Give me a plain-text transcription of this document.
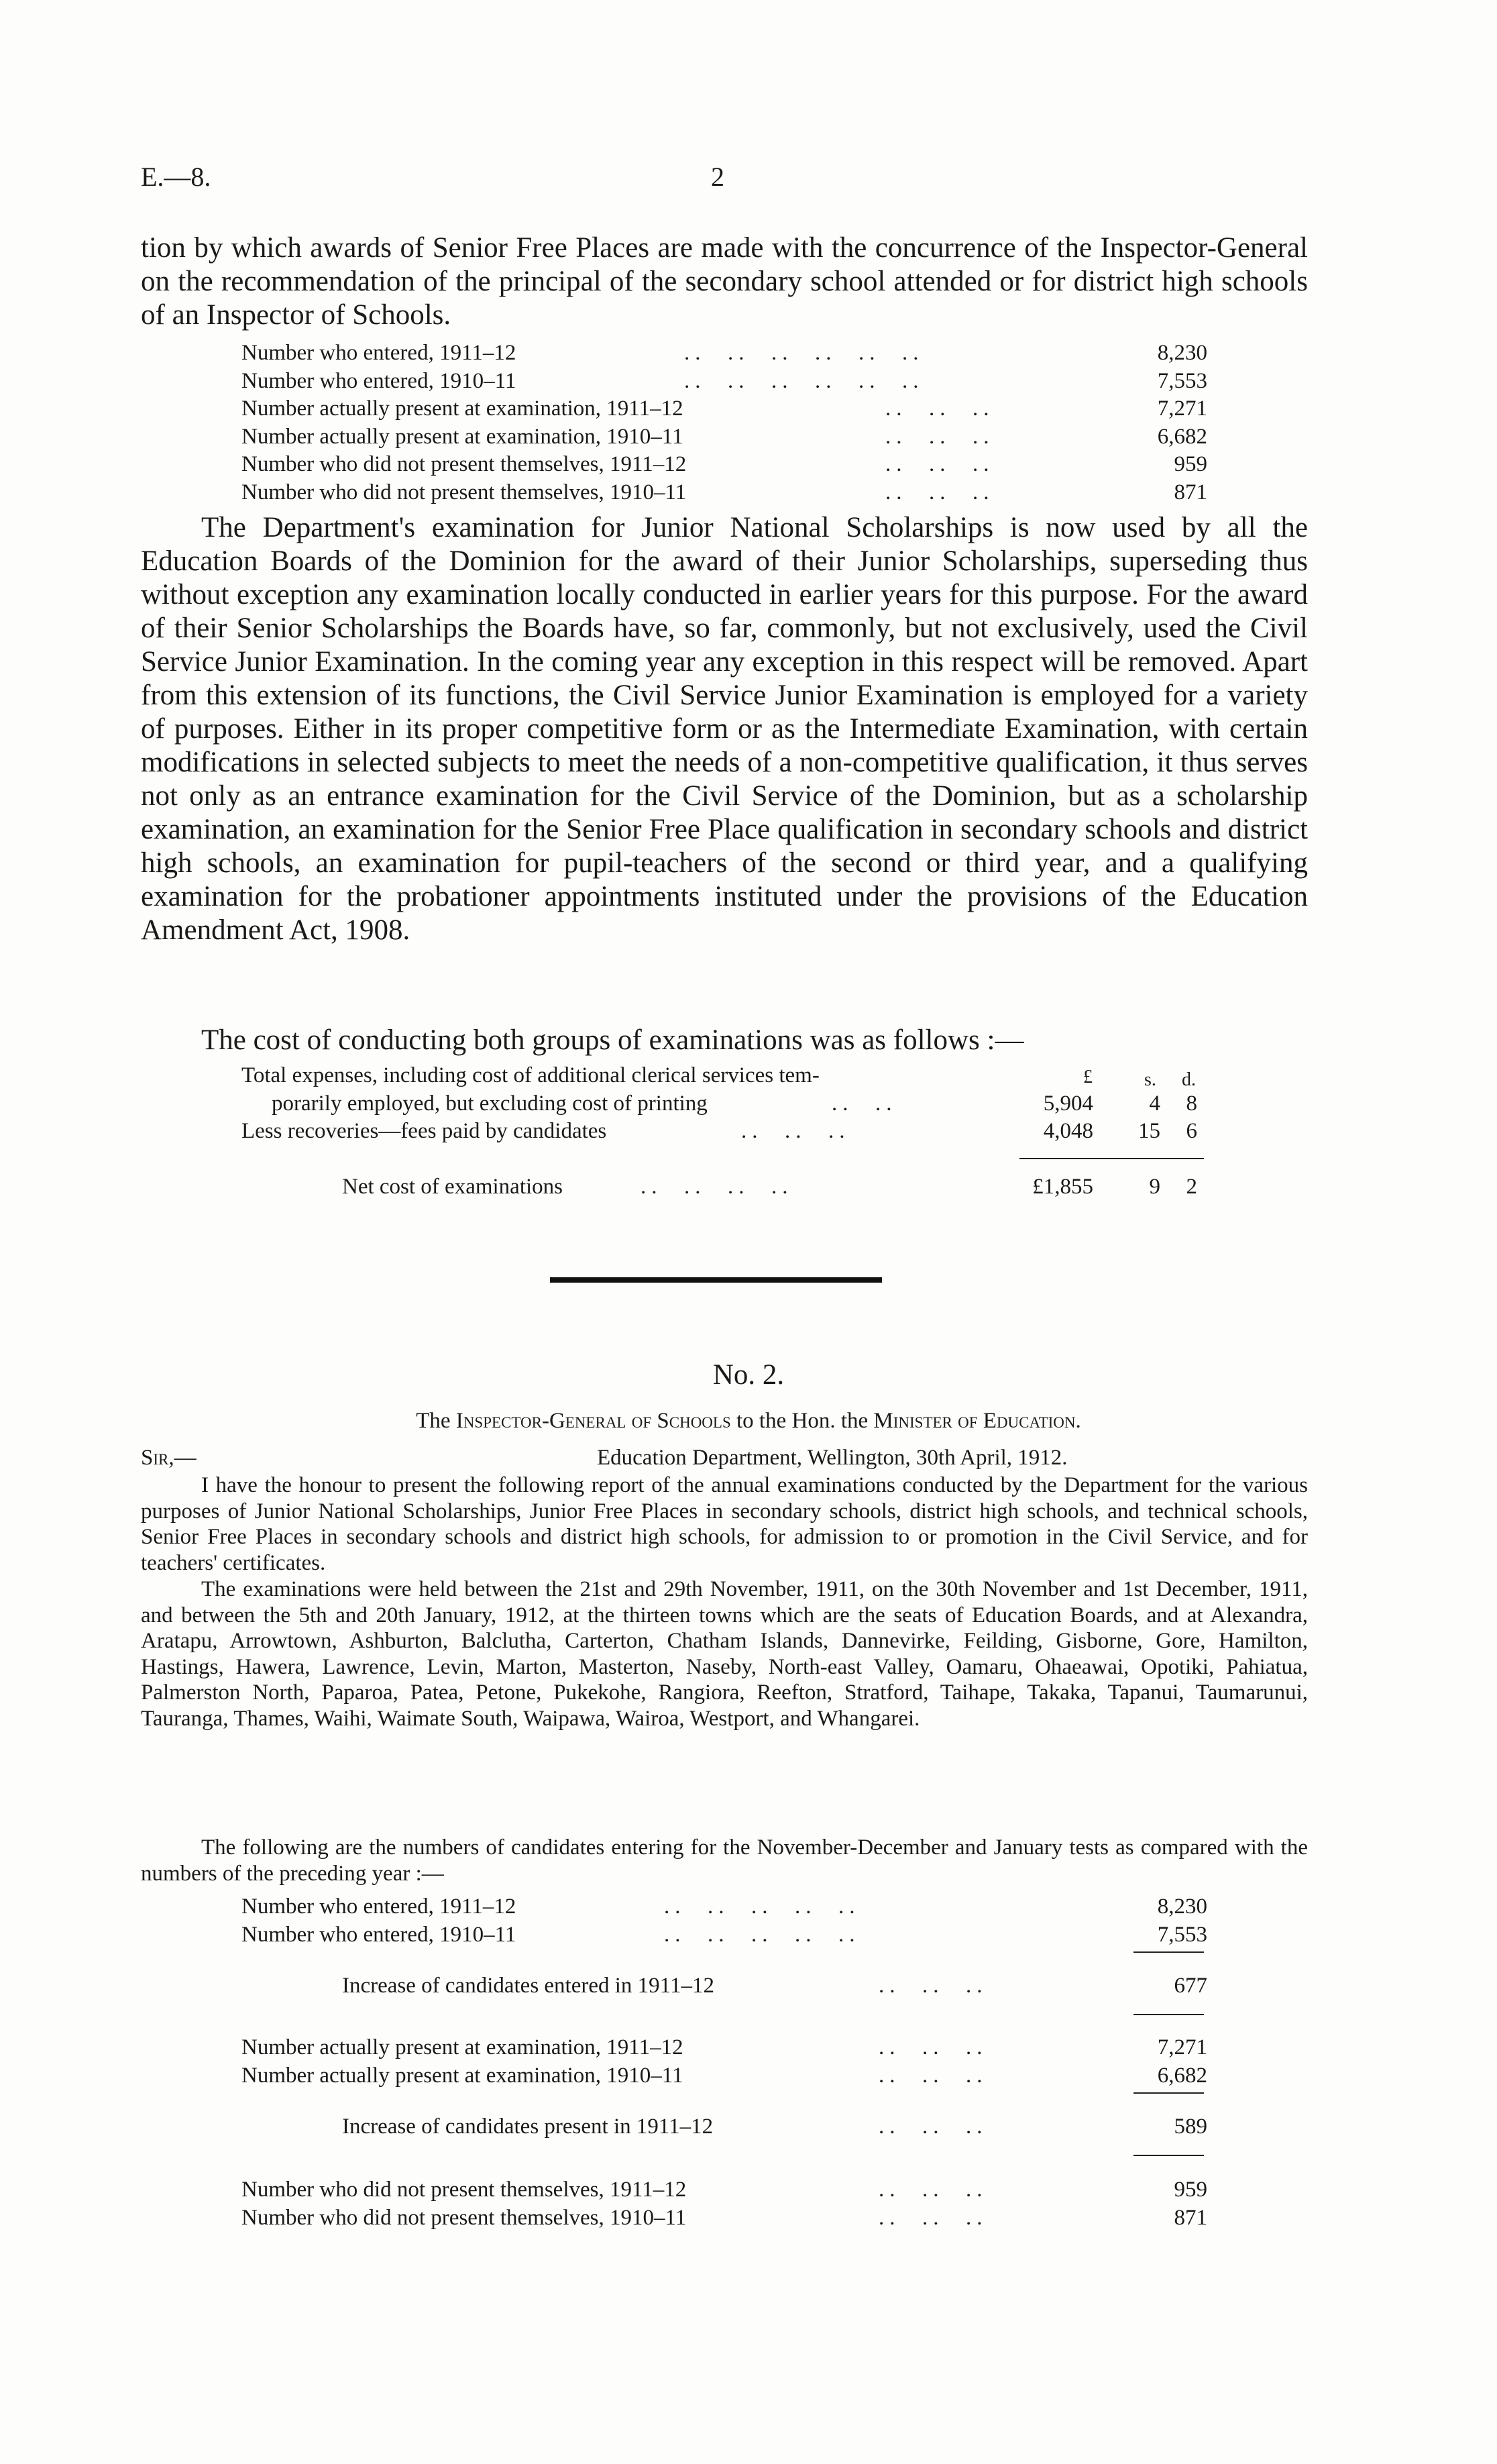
E.—8.	2
tion by which awards of Senior Free Places are made with the concurrence of the Inspector-General on the recommendation of the principal of the secondary school attended or for district high schools of an Inspector of Schools.
Number who entered, 1911–12	..  ..  ..  ..  ..  ..	8,230
Number who entered, 1910–11	..  ..  ..  ..  ..  ..	7,553
Number actually present at examination, 1911–12	..  ..  ..	7,271
Number actually present at examination, 1910–11	..  ..  ..	6,682
Number who did not present themselves, 1911–12	..  ..  ..	959
Number who did not present themselves, 1910–11	..  ..  ..	871
The Department's examination for Junior National Scholarships is now used by all the Education Boards of the Dominion for the award of their Junior Scholarships, superseding thus without exception any examination locally conducted in earlier years for this purpose. For the award of their Senior Scholarships the Boards have, so far, commonly, but not exclusively, used the Civil Service Junior Examination. In the coming year any exception in this respect will be removed. Apart from this extension of its functions, the Civil Service Junior Examination is employed for a variety of purposes. Either in its proper competitive form or as the Intermediate Examination, with certain modifications in selected subjects to meet the needs of a non-competitive qualification, it thus serves not only as an entrance examination for the Civil Service of the Dominion, but as a scholarship examination, an examination for the Senior Free Place qualification in secondary schools and district high schools, an examination for pupil-teachers of the second or third year, and a qualifying examination for the probationer appointments instituted under the provisions of the Education Amendment Act, 1908.
The cost of conducting both groups of examinations was as follows :—
£	s. d.
Total expenses, including cost of additional clerical services tem-
porarily employed, but excluding cost of printing	..  ..	5,904	4	8
Less recoveries—fees paid by candidates	..  ..  ..	4,048 15	6
Net cost of examinations	..  ..  ..  ..	£1,855	9	2
No. 2.
The Inspector-General of Schools to the Hon. the Minister of Education.
Sir,—	Education Department, Wellington, 30th April, 1912.
I have the honour to present the following report of the annual examinations conducted by the Department for the various purposes of Junior National Scholarships, Junior Free Places in secondary schools, district high schools, and technical schools, Senior Free Places in secondary schools and district high schools, for admission to or promotion in the Civil Service, and for teachers' certificates.
The examinations were held between the 21st and 29th November, 1911, on the 30th November and 1st December, 1911, and between the 5th and 20th January, 1912, at the thirteen towns which are the seats of Education Boards, and at Alexandra, Aratapu, Arrowtown, Ashburton, Balclutha, Carterton, Chatham Islands, Dannevirke, Feilding, Gisborne, Gore, Hamilton, Hastings, Hawera, Lawrence, Levin, Marton, Masterton, Naseby, North-east Valley, Oamaru, Ohaeawai, Opotiki, Pahiatua, Palmerston North, Paparoa, Patea, Petone, Pukekohe, Rangiora, Reefton, Stratford, Taihape, Takaka, Tapanui, Taumarunui, Tauranga, Thames, Waihi, Waimate South, Waipawa, Wairoa, Westport, and Whangarei.
The following are the numbers of candidates entering for the November-December and January tests as compared with the numbers of the preceding year :—
Number who entered, 1911–12	..  ..  ..  ..  ..	8,230
Number who entered, 1910–11	..  ..  ..  ..  ..	7,553
Increase of candidates entered in 1911–12	..  ..  ..	677
Number actually present at examination, 1911–12	..  ..  ..	7,271
Number actually present at examination, 1910–11	..  ..  ..	6,682
Increase of candidates present in 1911–12	..  ..  ..	589
Number who did not present themselves, 1911–12	..  ..  ..	959
Number who did not present themselves, 1910–11	..  ..  ..	871
